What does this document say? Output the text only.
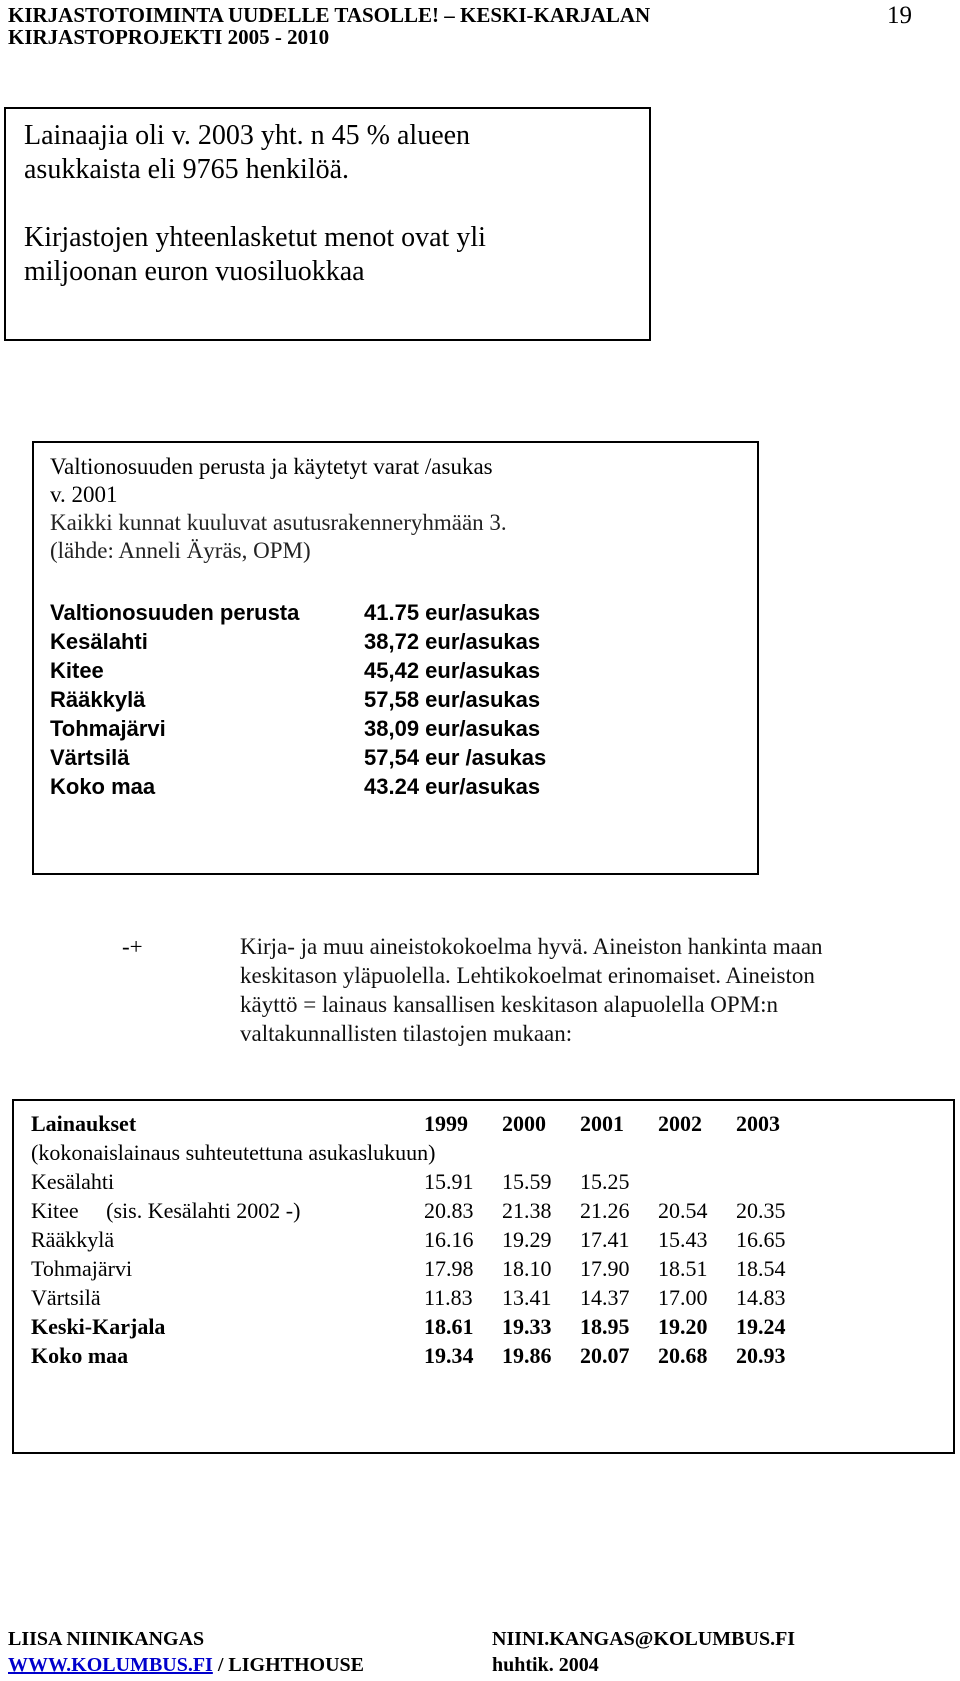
KIRJASTOTOIMINTA UUDELLE TASOLLE! – KESKI-KARJALAN
KIRJASTOPROJEKTI 2005 - 2010
19
Lainaajia oli v. 2003 yht. n 45 % alueen
asukkaista eli 9765 henkilöä.
Kirjastojen yhteenlasketut menot ovat yli
miljoonan euron vuosiluokkaa
Valtionosuuden perusta ja käytetyt varat /asukas
v. 2001
Kaikki kunnat kuuluvat asutusrakenneryhmään 3.
(lähde: Anneli Äyräs, OPM)
Valtionosuuden perusta	41.75 eur/asukas
Kesälahti	38,72 eur/asukas
Kitee	45,42 eur/asukas
Rääkkylä	57,58 eur/asukas
Tohmajärvi	38,09 eur/asukas
Värtsilä	57,54 eur /asukas
Koko maa	43.24 eur/asukas
-+	Kirja- ja muu aineistokokoelma hyvä. Aineiston hankinta maan
keskitason yläpuolella. Lehtikokoelmat erinomaiset. Aineiston
käyttö = lainaus kansallisen keskitason alapuolella OPM:n
valtakunnallisten tilastojen mukaan:
Lainaukset	1999 2000 2001 2002 2003
(kokonaislainaus suhteutettuna asukaslukuun)
Kesälahti	15.91 15.59 15.25
Kitee     (sis. Kesälahti 2002 -)	20.83 21.38 21.26 20.54 20.35
Rääkkylä	16.16 19.29 17.41 15.43 16.65
Tohmajärvi	17.98 18.10 17.90 18.51 18.54
Värtsilä	11.83 13.41 14.37 17.00 14.83
Keski-Karjala	18.61 19.33 18.95 19.20 19.24
Koko maa	19.34 19.86 20.07 20.68 20.93
LIISA NIINIKANGAS	NIINI.KANGAS@KOLUMBUS.FI
WWW.KOLUMBUS.FI / LIGHTHOUSE	huhtik. 2004
